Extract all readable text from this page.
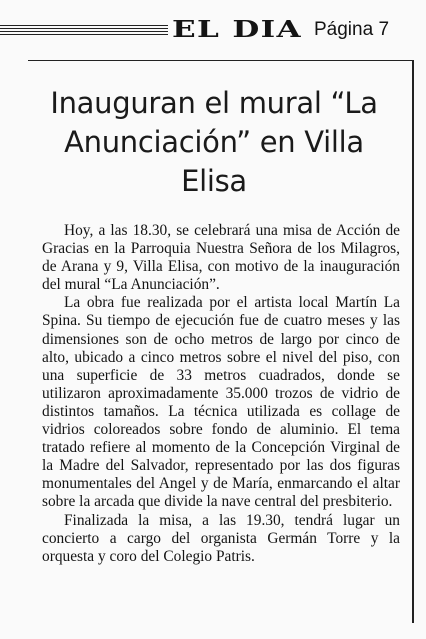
EL DIA Página 7
Inauguran el mural “La Anunciación” en Villa Elisa

Hoy, a las 18.30, se celebrará una misa de Acción de Gracias en la Parroquia Nuestra Señora de los Milagros, de Arana y 9, Villa Elisa, con motivo de la inauguración del mural “La Anunciación”.

La obra fue realizada por el artista local Martín La Spina. Su tiempo de ejecución fue de cuatro meses y las dimensiones son de ocho metros de largo por cinco de alto, ubicado a cinco metros sobre el nivel del piso, con una superficie de 33 metros cuadrados, donde se utilizaron aproximadamente 35.000 trozos de vidrio de distintos tamaños. La técnica utilizada es collage de vidrios coloreados sobre fondo de aluminio. El tema tratado refiere al momento de la Concepción Virginal de la Madre del Salvador, representado por las dos figuras monumentales del Angel y de María, enmarcando el altar sobre la arcada que divide la nave central del presbiterio.

Finalizada la misa, a las 19.30, tendrá lugar un concierto a cargo del organista Germán Torre y la orquesta y coro del Colegio Patris.
